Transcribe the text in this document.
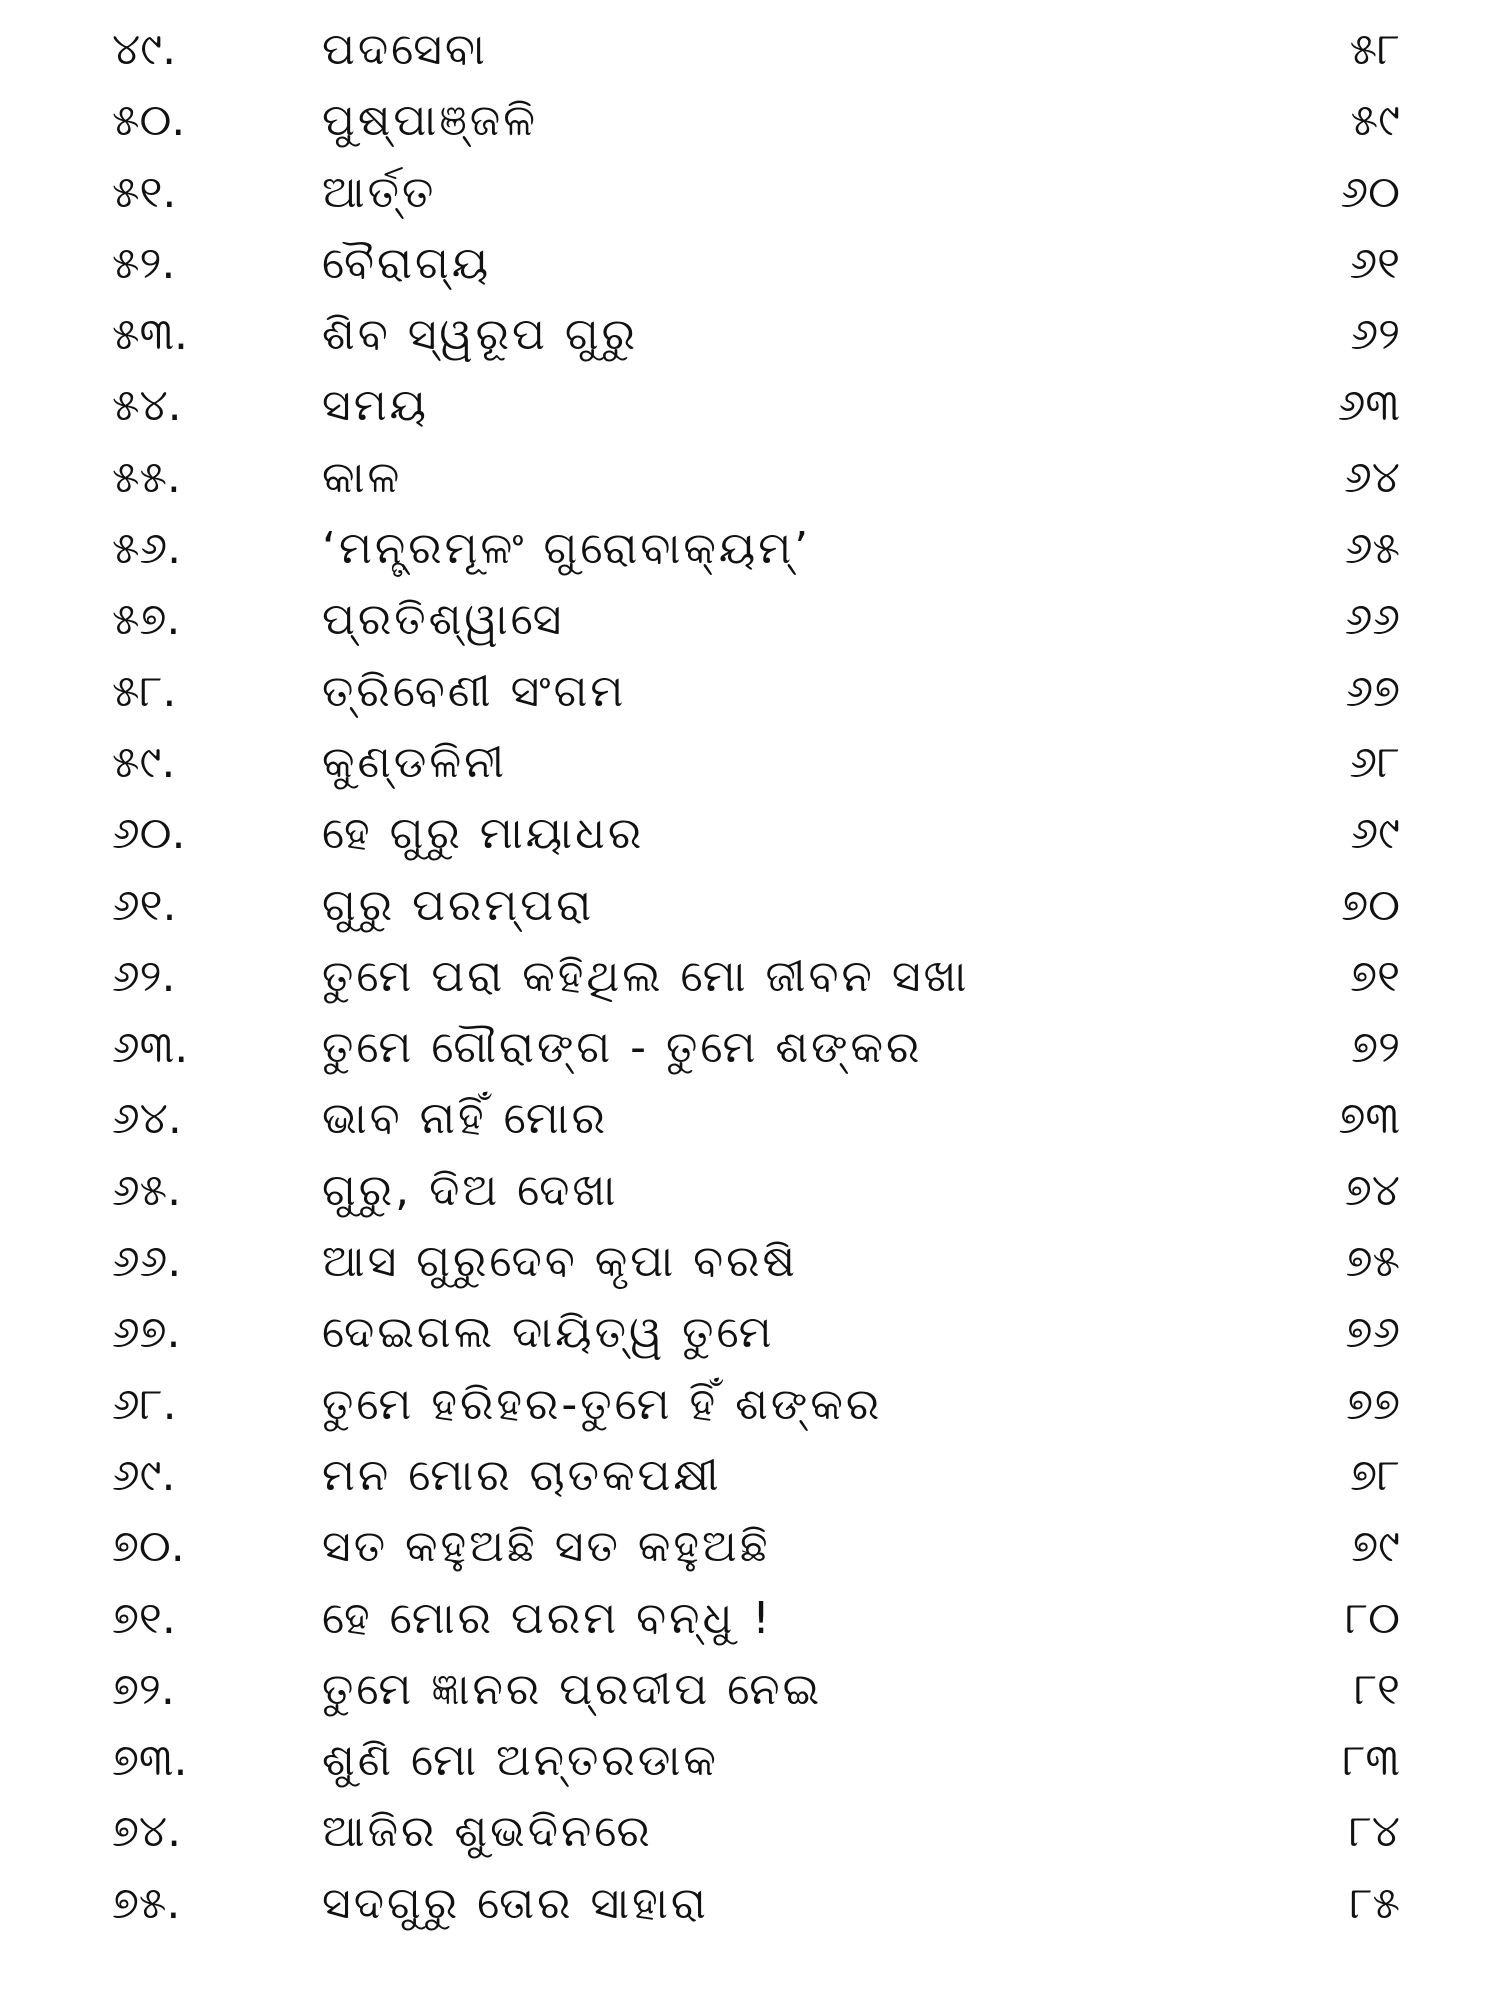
୪୯.	ପଦସେବା	୫୮
୫୦.	ପୁଷ୍ପାଞ୍ଜଳି	୫୯
୫୧.	ଆର୍ତ୍ତ	୬୦
୫୨.	ବୈରାଗ୍ୟ	୬୧
୫୩.	ଶିବ ସ୍ୱରୂପ ଗୁରୁ	୬୨
୫୪.	ସମୟ	୬୩
୫୫.	କାଳ	୬୪
୫୬.	‘ମନ୍ତ୍ରମୂଳଂ ଗୁରୋବାକ୍ୟମ୍’	୬୫
୫୭.	ପ୍ରତିଶ୍ୱାସେ	୬୬
୫୮.	ତ୍ରିବେଣୀ ସଂଗମ	୬୭
୫୯.	କୁଣ୍ଡଳିନୀ	୬୮
୬୦.	ହେ ଗୁରୁ ମାୟାଧର	୬୯
୬୧.	ଗୁରୁ ପରମ୍ପରା	୭୦
୬୨.	ତୁମେ ପରା କହିଥିଲ ମୋ ଜୀବନ ସଖା	୭୧
୬୩.	ତୁମେ ଗୌରାଙ୍ଗ - ତୁମେ ଶଙ୍କର	୭୨
୬୪.	ଭାବ ନାହିଁ ମୋର	୭୩
୬୫.	ଗୁରୁ, ଦିଅ ଦେଖା	୭୪
୬୬.	ଆସ ଗୁରୁଦେବ କୃପା ବରଷି	୭୫
୬୭.	ଦେଇଗଲ ଦାୟିତ୍ୱ ତୁମେ	୭୬
୬୮.	ତୁମେ ହରିହର-ତୁମେ ହିଁ ଶଙ୍କର	୭୭
୬୯.	ମନ ମୋର ଚାତକପକ୍ଷୀ	୭୮
୭୦.	ସତ କହୁଅଛି ସତ କହୁଅଛି	୭୯
୭୧.	ହେ ମୋର ପରମ ବନ୍ଧୁ !	୮୦
୭୨.	ତୁମେ ଜ୍ଞାନର ପ୍ରଦୀପ ନେଇ	୮୧
୭୩.	ଶୁଣି ମୋ ଅନ୍ତରଡାକ	୮୩
୭୪.	ଆଜିର ଶୁଭଦିନରେ	୮୪
୭୫.	ସଦଗୁରୁ ତୋର ସାହାରା	୮୫
